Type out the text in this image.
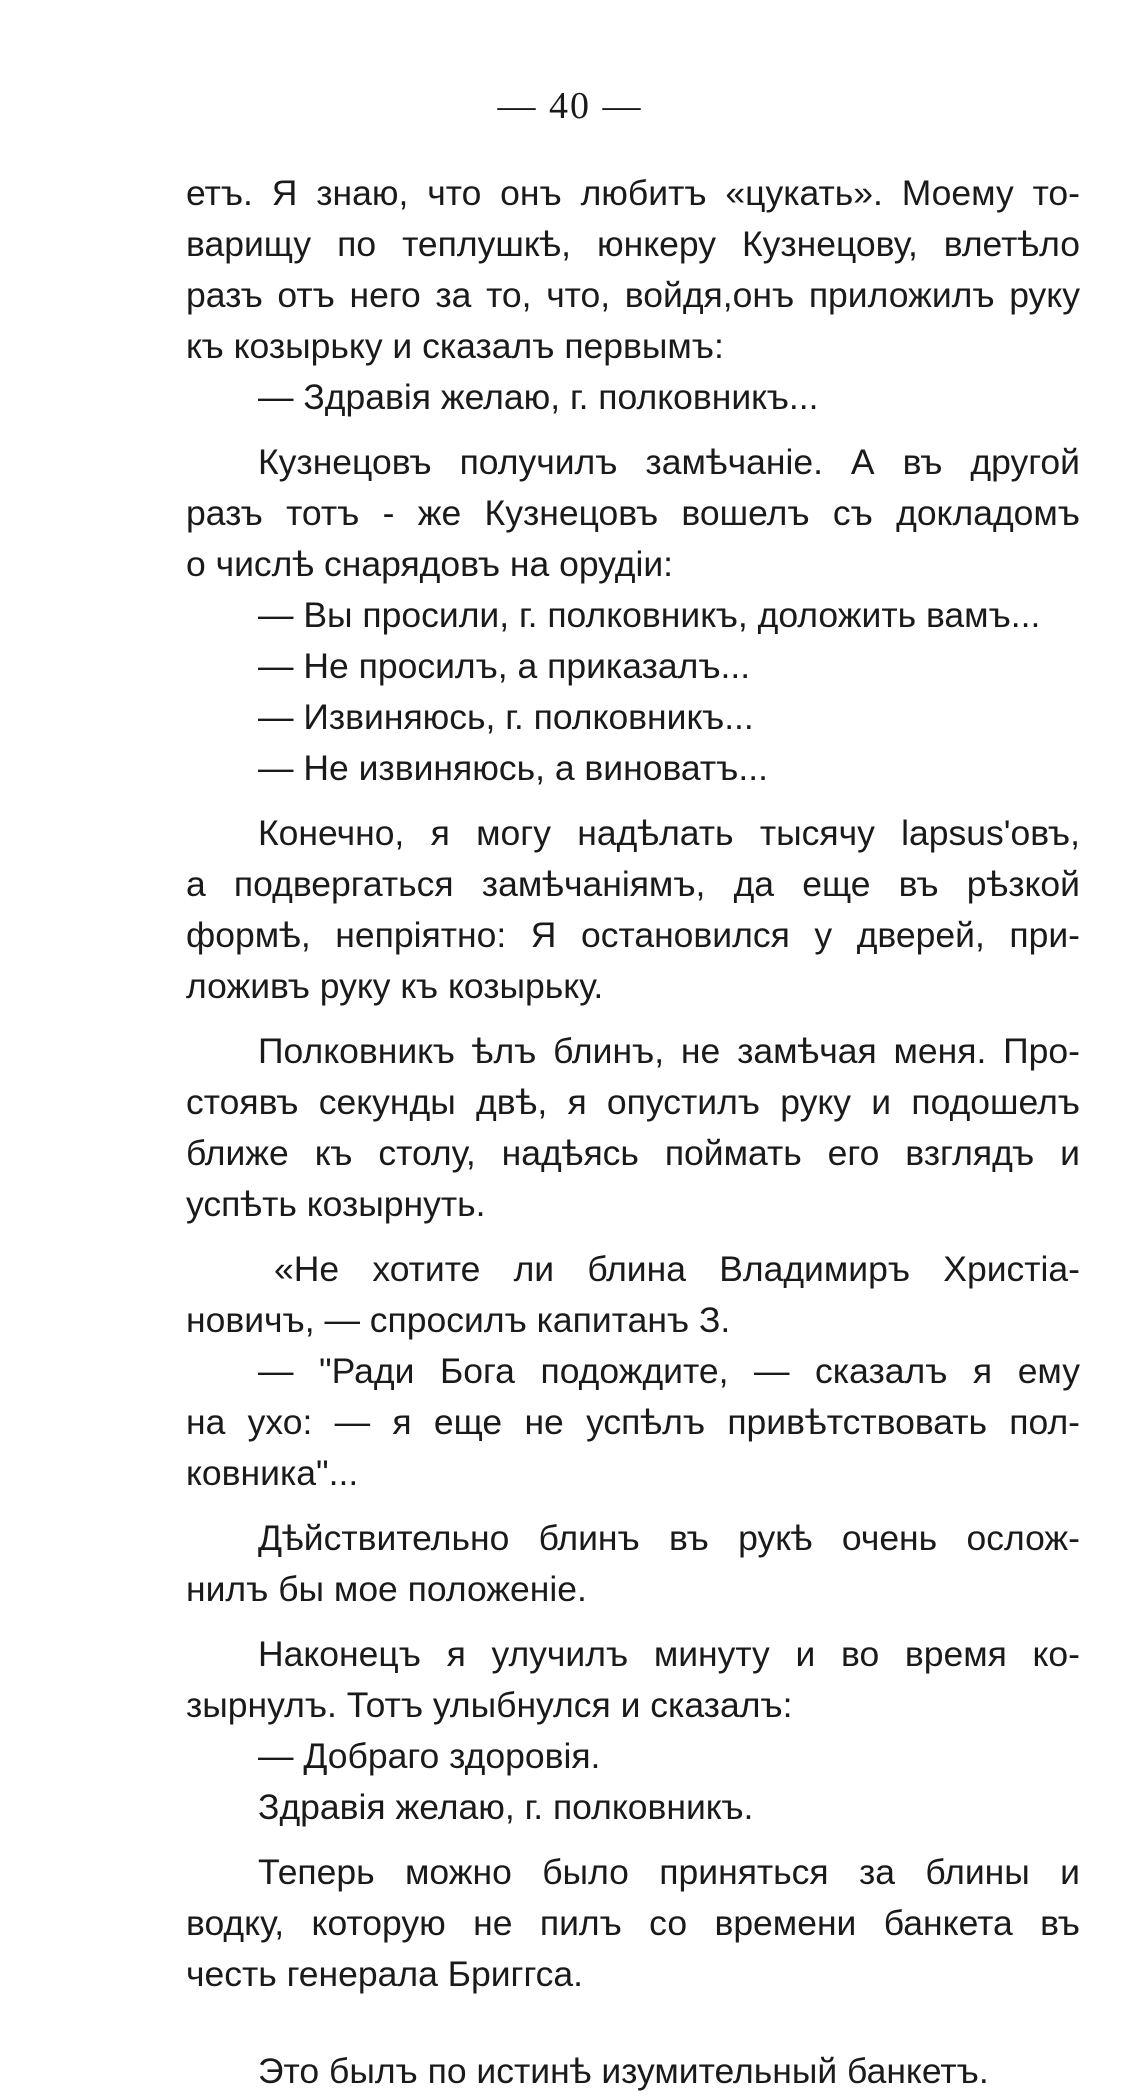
— 40 —
етъ. Я знаю, что онъ любитъ «цукать». Моему то-
варищу по теплушкѣ, юнкеру Кузнецову, влетѣло
разъ отъ него за то, что, войдя,онъ приложилъ руку
къ козырьку и сказалъ первымъ:
— Здравія желаю, г. полковникъ...
Кузнецовъ получилъ замѣчаніе. А въ другой
разъ тотъ - же Кузнецовъ вошелъ съ докладомъ
о числѣ снарядовъ на орудіи:
— Вы просили, г. полковникъ, доложить вамъ...
— Не просилъ, а приказалъ...
— Извиняюсь, г. полковникъ...
— Не извиняюсь, а виноватъ...
Конечно, я могу надѣлать тысячу lapsus'овъ,
а подвергаться замѣчаніямъ, да еще въ рѣзкой
формѣ, непріятно: Я остановился у дверей, при-
ложивъ руку къ козырьку.
Полковникъ ѣлъ блинъ, не замѣчая меня. Про-
стоявъ секунды двѣ, я опустилъ руку и подошелъ
ближе къ столу, надѣясь поймать его взглядъ и
успѣть козырнуть.
«Не хотите ли блина Владимиръ Христіа-
новичъ, — спросилъ капитанъ З.
— "Ради Бога подождите, — сказалъ я ему
на ухо: — я еще не успѣлъ привѣтствовать пол-
ковника"...
Дѣйствительно блинъ въ рукѣ очень ослож-
нилъ бы мое положеніе.
Наконецъ я улучилъ минуту и во время ко-
зырнулъ. Тотъ улыбнулся и сказалъ:
— Добраго здоровія.
Здравія желаю, г. полковникъ.
Теперь можно было приняться за блины и
водку, которую не пилъ со времени банкета въ
честь генерала Бриггса.
Это былъ по истинѣ изумительный банкетъ.
